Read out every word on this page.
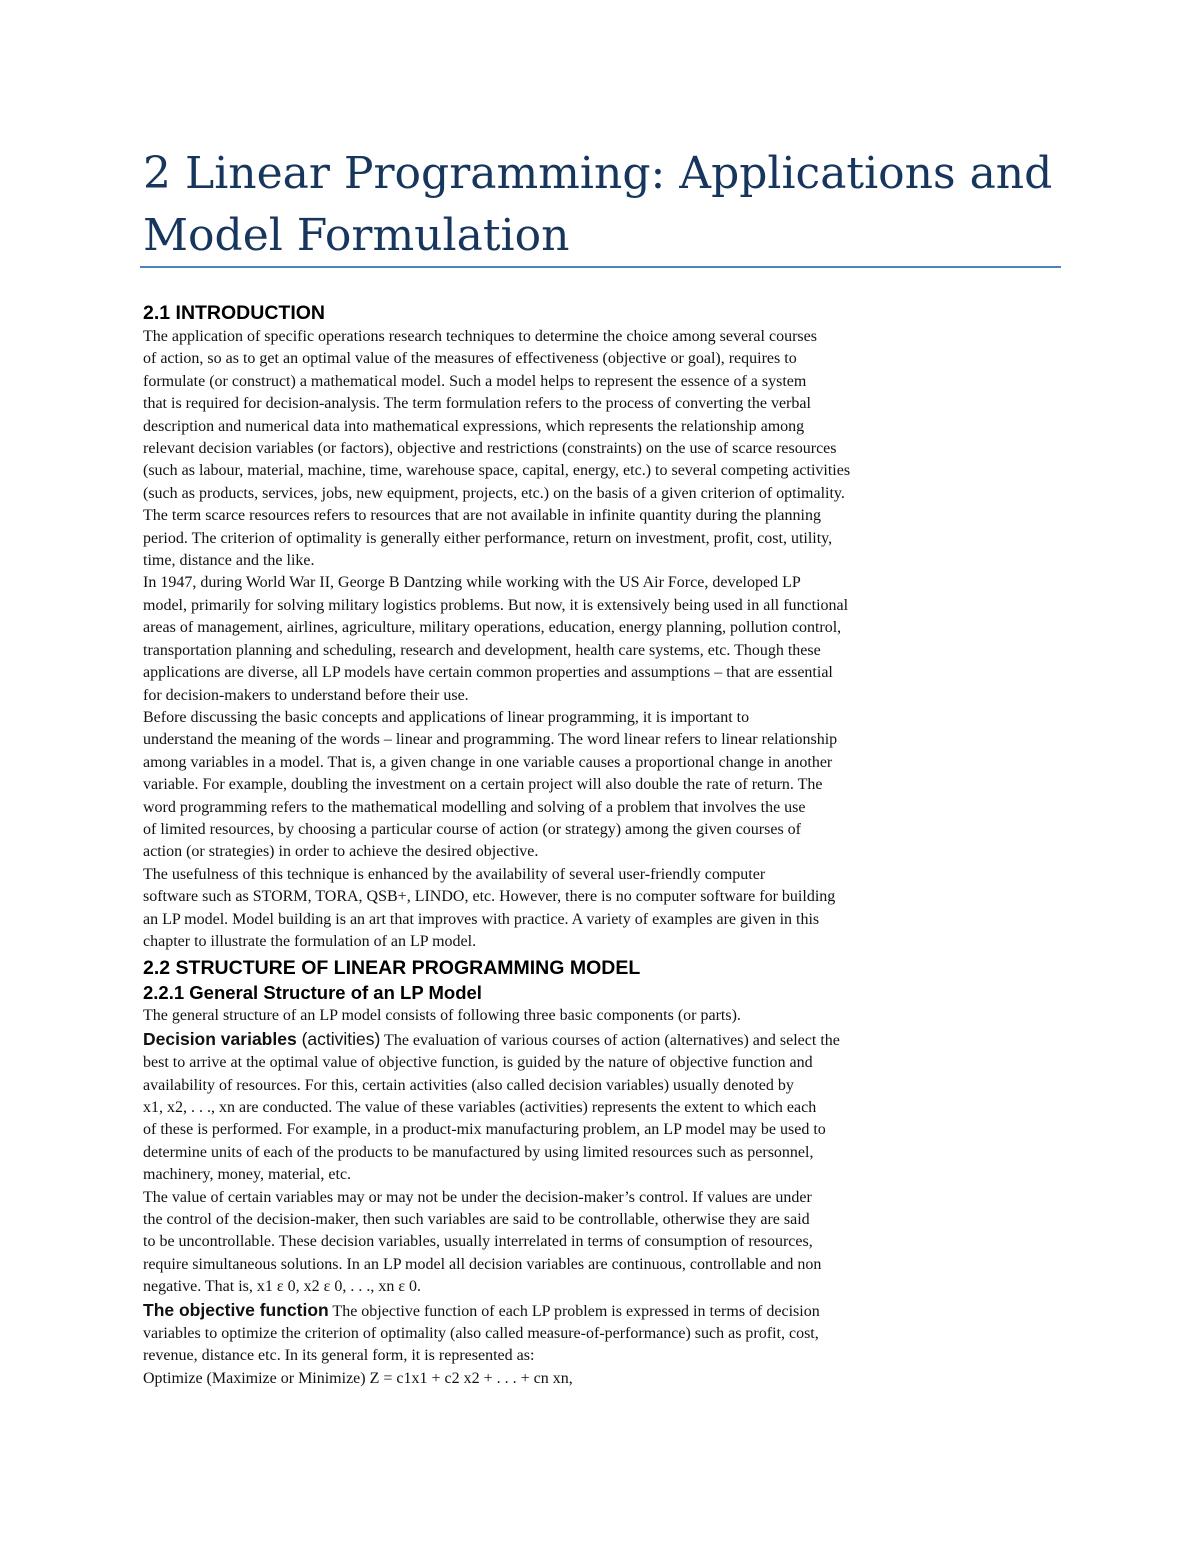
2 Linear Programming: Applications and
Model Formulation
2.1 INTRODUCTION
The application of specific operations research techniques to determine the choice among several courses
of action, so as to get an optimal value of the measures of effectiveness (objective or goal), requires to
formulate (or construct) a mathematical model. Such a model helps to represent the essence of a system
that is required for decision-analysis. The term formulation refers to the process of converting the verbal
description and numerical data into mathematical expressions, which represents the relationship among
relevant decision variables (or factors), objective and restrictions (constraints) on the use of scarce resources
(such as labour, material, machine, time, warehouse space, capital, energy, etc.) to several competing activities
(such as products, services, jobs, new equipment, projects, etc.) on the basis of a given criterion of optimality.
The term scarce resources refers to resources that are not available in infinite quantity during the planning
period. The criterion of optimality is generally either performance, return on investment, profit, cost, utility,
time, distance and the like.
In 1947, during World War II, George B Dantzing while working with the US Air Force, developed LP
model, primarily for solving military logistics problems. But now, it is extensively being used in all functional
areas of management, airlines, agriculture, military operations, education, energy planning, pollution control,
transportation planning and scheduling, research and development, health care systems, etc. Though these
applications are diverse, all LP models have certain common properties and assumptions – that are essential
for decision-makers to understand before their use.
Before discussing the basic concepts and applications of linear programming, it is important to
understand the meaning of the words – linear and programming. The word linear refers to linear relationship
among variables in a model. That is, a given change in one variable causes a proportional change in another
variable. For example, doubling the investment on a certain project will also double the rate of return. The
word programming refers to the mathematical modelling and solving of a problem that involves the use
of limited resources, by choosing a particular course of action (or strategy) among the given courses of
action (or strategies) in order to achieve the desired objective.
The usefulness of this technique is enhanced by the availability of several user-friendly computer
software such as STORM, TORA, QSB+, LINDO, etc. However, there is no computer software for building
an LP model. Model building is an art that improves with practice. A variety of examples are given in this
chapter to illustrate the formulation of an LP model.
2.2 STRUCTURE OF LINEAR PROGRAMMING MODEL
2.2.1 General Structure of an LP Model
The general structure of an LP model consists of following three basic components (or parts).
Decision variables (activities) The evaluation of various courses of action (alternatives) and select the
best to arrive at the optimal value of objective function, is guided by the nature of objective function and
availability of resources. For this, certain activities (also called decision variables) usually denoted by
x1, x2, . . ., xn are conducted. The value of these variables (activities) represents the extent to which each
of these is performed. For example, in a product-mix manufacturing problem, an LP model may be used to
determine units of each of the products to be manufactured by using limited resources such as personnel,
machinery, money, material, etc.
The value of certain variables may or may not be under the decision-maker’s control. If values are under
the control of the decision-maker, then such variables are said to be controllable, otherwise they are said
to be uncontrollable. These decision variables, usually interrelated in terms of consumption of resources,
require simultaneous solutions. In an LP model all decision variables are continuous, controllable and non
negative. That is, x1 ε 0, x2 ε 0, . . ., xn ε 0.
The objective function The objective function of each LP problem is expressed in terms of decision
variables to optimize the criterion of optimality (also called measure-of-performance) such as profit, cost,
revenue, distance etc. In its general form, it is represented as:
Optimize (Maximize or Minimize) Z = c1x1 + c2 x2 + . . . + cn xn,
